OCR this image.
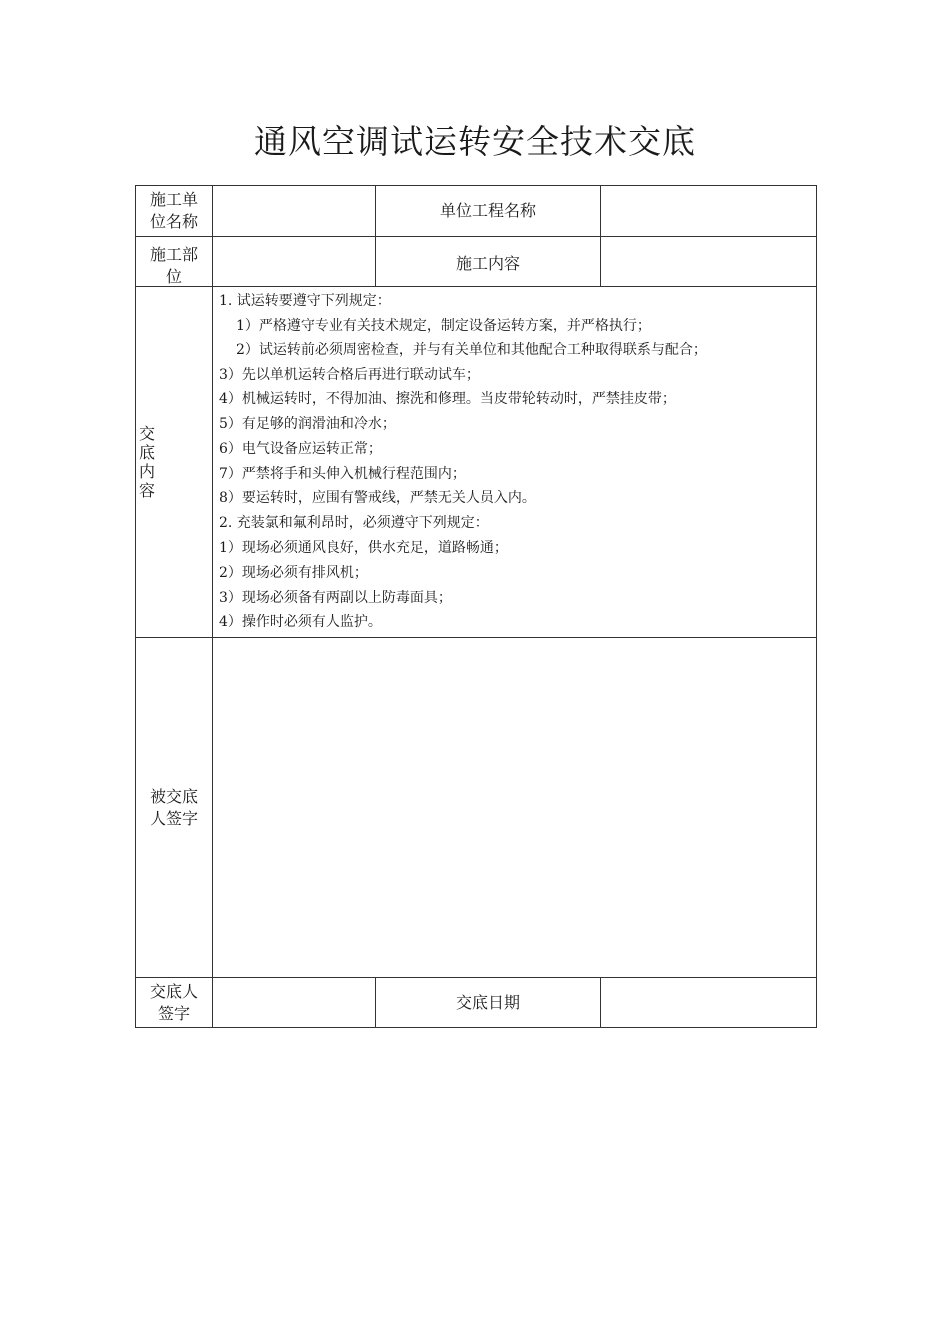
通风空调试运转安全技术交底
施工单
位名称
单位工程名称
施工部
位
施工内容
交
底
内
容
1. 试运转要遵守下列规定：
1）严格遵守专业有关技术规定，制定设备运转方案，并严格执行；
2）试运转前必须周密检查，并与有关单位和其他配合工种取得联系与配合；
3）先以单机运转合格后再进行联动试车；
4）机械运转时，不得加油、擦洗和修理。当皮带轮转动时，严禁挂皮带；
5）有足够的润滑油和冷水；
6）电气设备应运转正常；
7）严禁将手和头伸入机械行程范围内；
8）要运转时，应围有警戒线，严禁无关人员入内。
2. 充装氯和氟利昂时，必须遵守下列规定：
1）现场必须通风良好，供水充足，道路畅通；
2）现场必须有排风机；
3）现场必须备有两副以上防毒面具；
4）操作时必须有人监护。
被交底
人签字
交底人
签字
交底日期
